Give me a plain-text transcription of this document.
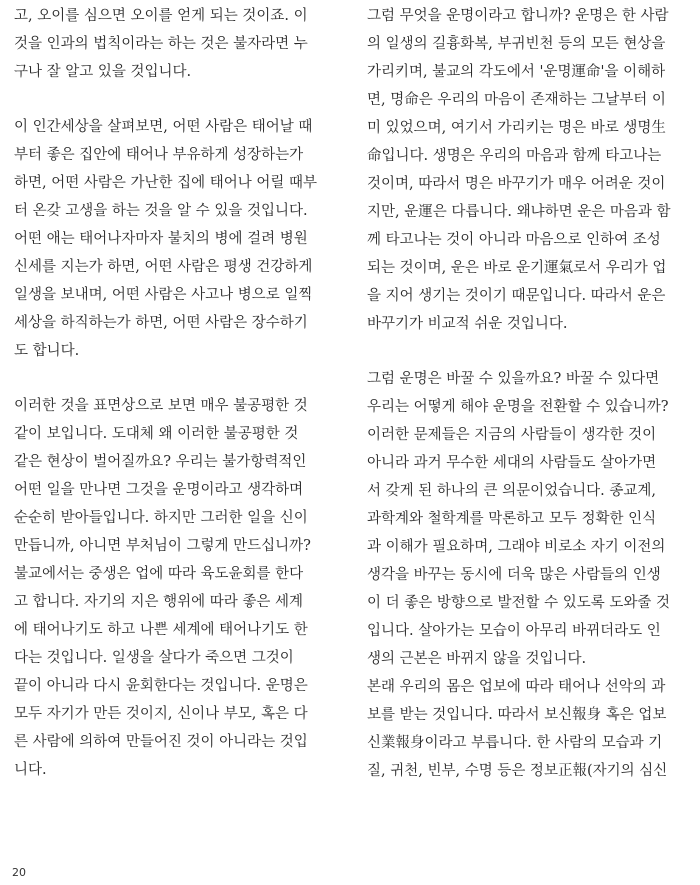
고, 오이를 심으면 오이를 얻게 되는 것이죠. 이
것을 인과의 법칙이라는 하는 것은 불자라면 누
구나 잘 알고 있을 것입니다.
이 인간세상을 살펴보면, 어떤 사람은 태어날 때
부터 좋은 집안에 태어나 부유하게 성장하는가
하면, 어떤 사람은 가난한 집에 태어나 어릴 때부
터 온갖 고생을 하는 것을 알 수 있을 것입니다.
어떤 애는 태어나자마자 불치의 병에 걸려 병원
신세를 지는가 하면, 어떤 사람은 평생 건강하게
일생을 보내며, 어떤 사람은 사고나 병으로 일찍
세상을 하직하는가 하면, 어떤 사람은 장수하기
도 합니다.
이러한 것을 표면상으로 보면 매우 불공평한 것
같이 보입니다. 도대체 왜 이러한 불공평한 것
같은 현상이 벌어질까요? 우리는 불가항력적인
어떤 일을 만나면 그것을 운명이라고 생각하며
순순히 받아들입니다. 하지만 그러한 일을 신이
만듭니까, 아니면 부처님이 그렇게 만드십니까?
불교에서는 중생은 업에 따라 육도윤회를 한다
고 합니다. 자기의 지은 행위에 따라 좋은 세계
에 태어나기도 하고 나쁜 세계에 태어나기도 한
다는 것입니다. 일생을 살다가 죽으면 그것이
끝이 아니라 다시 윤회한다는 것입니다. 운명은
모두 자기가 만든 것이지, 신이나 부모, 혹은 다
른 사람에 의하여 만들어진 것이 아니라는 것입
니다.
그럼 무엇을 운명이라고 합니까? 운명은 한 사람
의 일생의 길흉화복, 부귀빈천 등의 모든 현상을
가리키며, 불교의 각도에서 '운명運命'을 이해하
면, 명命은 우리의 마음이 존재하는 그날부터 이
미 있었으며, 여기서 가리키는 명은 바로 생명生
命입니다. 생명은 우리의 마음과 함께 타고나는
것이며, 따라서 명은 바꾸기가 매우 어려운 것이
지만, 운運은 다릅니다. 왜냐하면 운은 마음과 함
께 타고나는 것이 아니라 마음으로 인하여 조성
되는 것이며, 운은 바로 운기運氣로서 우리가 업
을 지어 생기는 것이기 때문입니다. 따라서 운은
바꾸기가 비교적 쉬운 것입니다.
그럼 운명은 바꿀 수 있을까요? 바꿀 수 있다면
우리는 어떻게 해야 운명을 전환할 수 있습니까?
이러한 문제들은 지금의 사람들이 생각한 것이
아니라 과거 무수한 세대의 사람들도 살아가면
서 갖게 된 하나의 큰 의문이었습니다. 종교계,
과학계와 철학계를 막론하고 모두 정확한 인식
과 이해가 필요하며, 그래야 비로소 자기 이전의
생각을 바꾸는 동시에 더욱 많은 사람들의 인생
이 더 좋은 방향으로 발전할 수 있도록 도와줄 것
입니다. 살아가는 모습이 아무리 바뀌더라도 인
생의 근본은 바뀌지 않을 것입니다.
본래 우리의 몸은 업보에 따라 태어나 선악의 과
보를 받는 것입니다. 따라서 보신報身 혹은 업보
신業報身이라고 부릅니다. 한 사람의 모습과 기
질, 귀천, 빈부, 수명 등은 정보正報(자기의 심신
20
